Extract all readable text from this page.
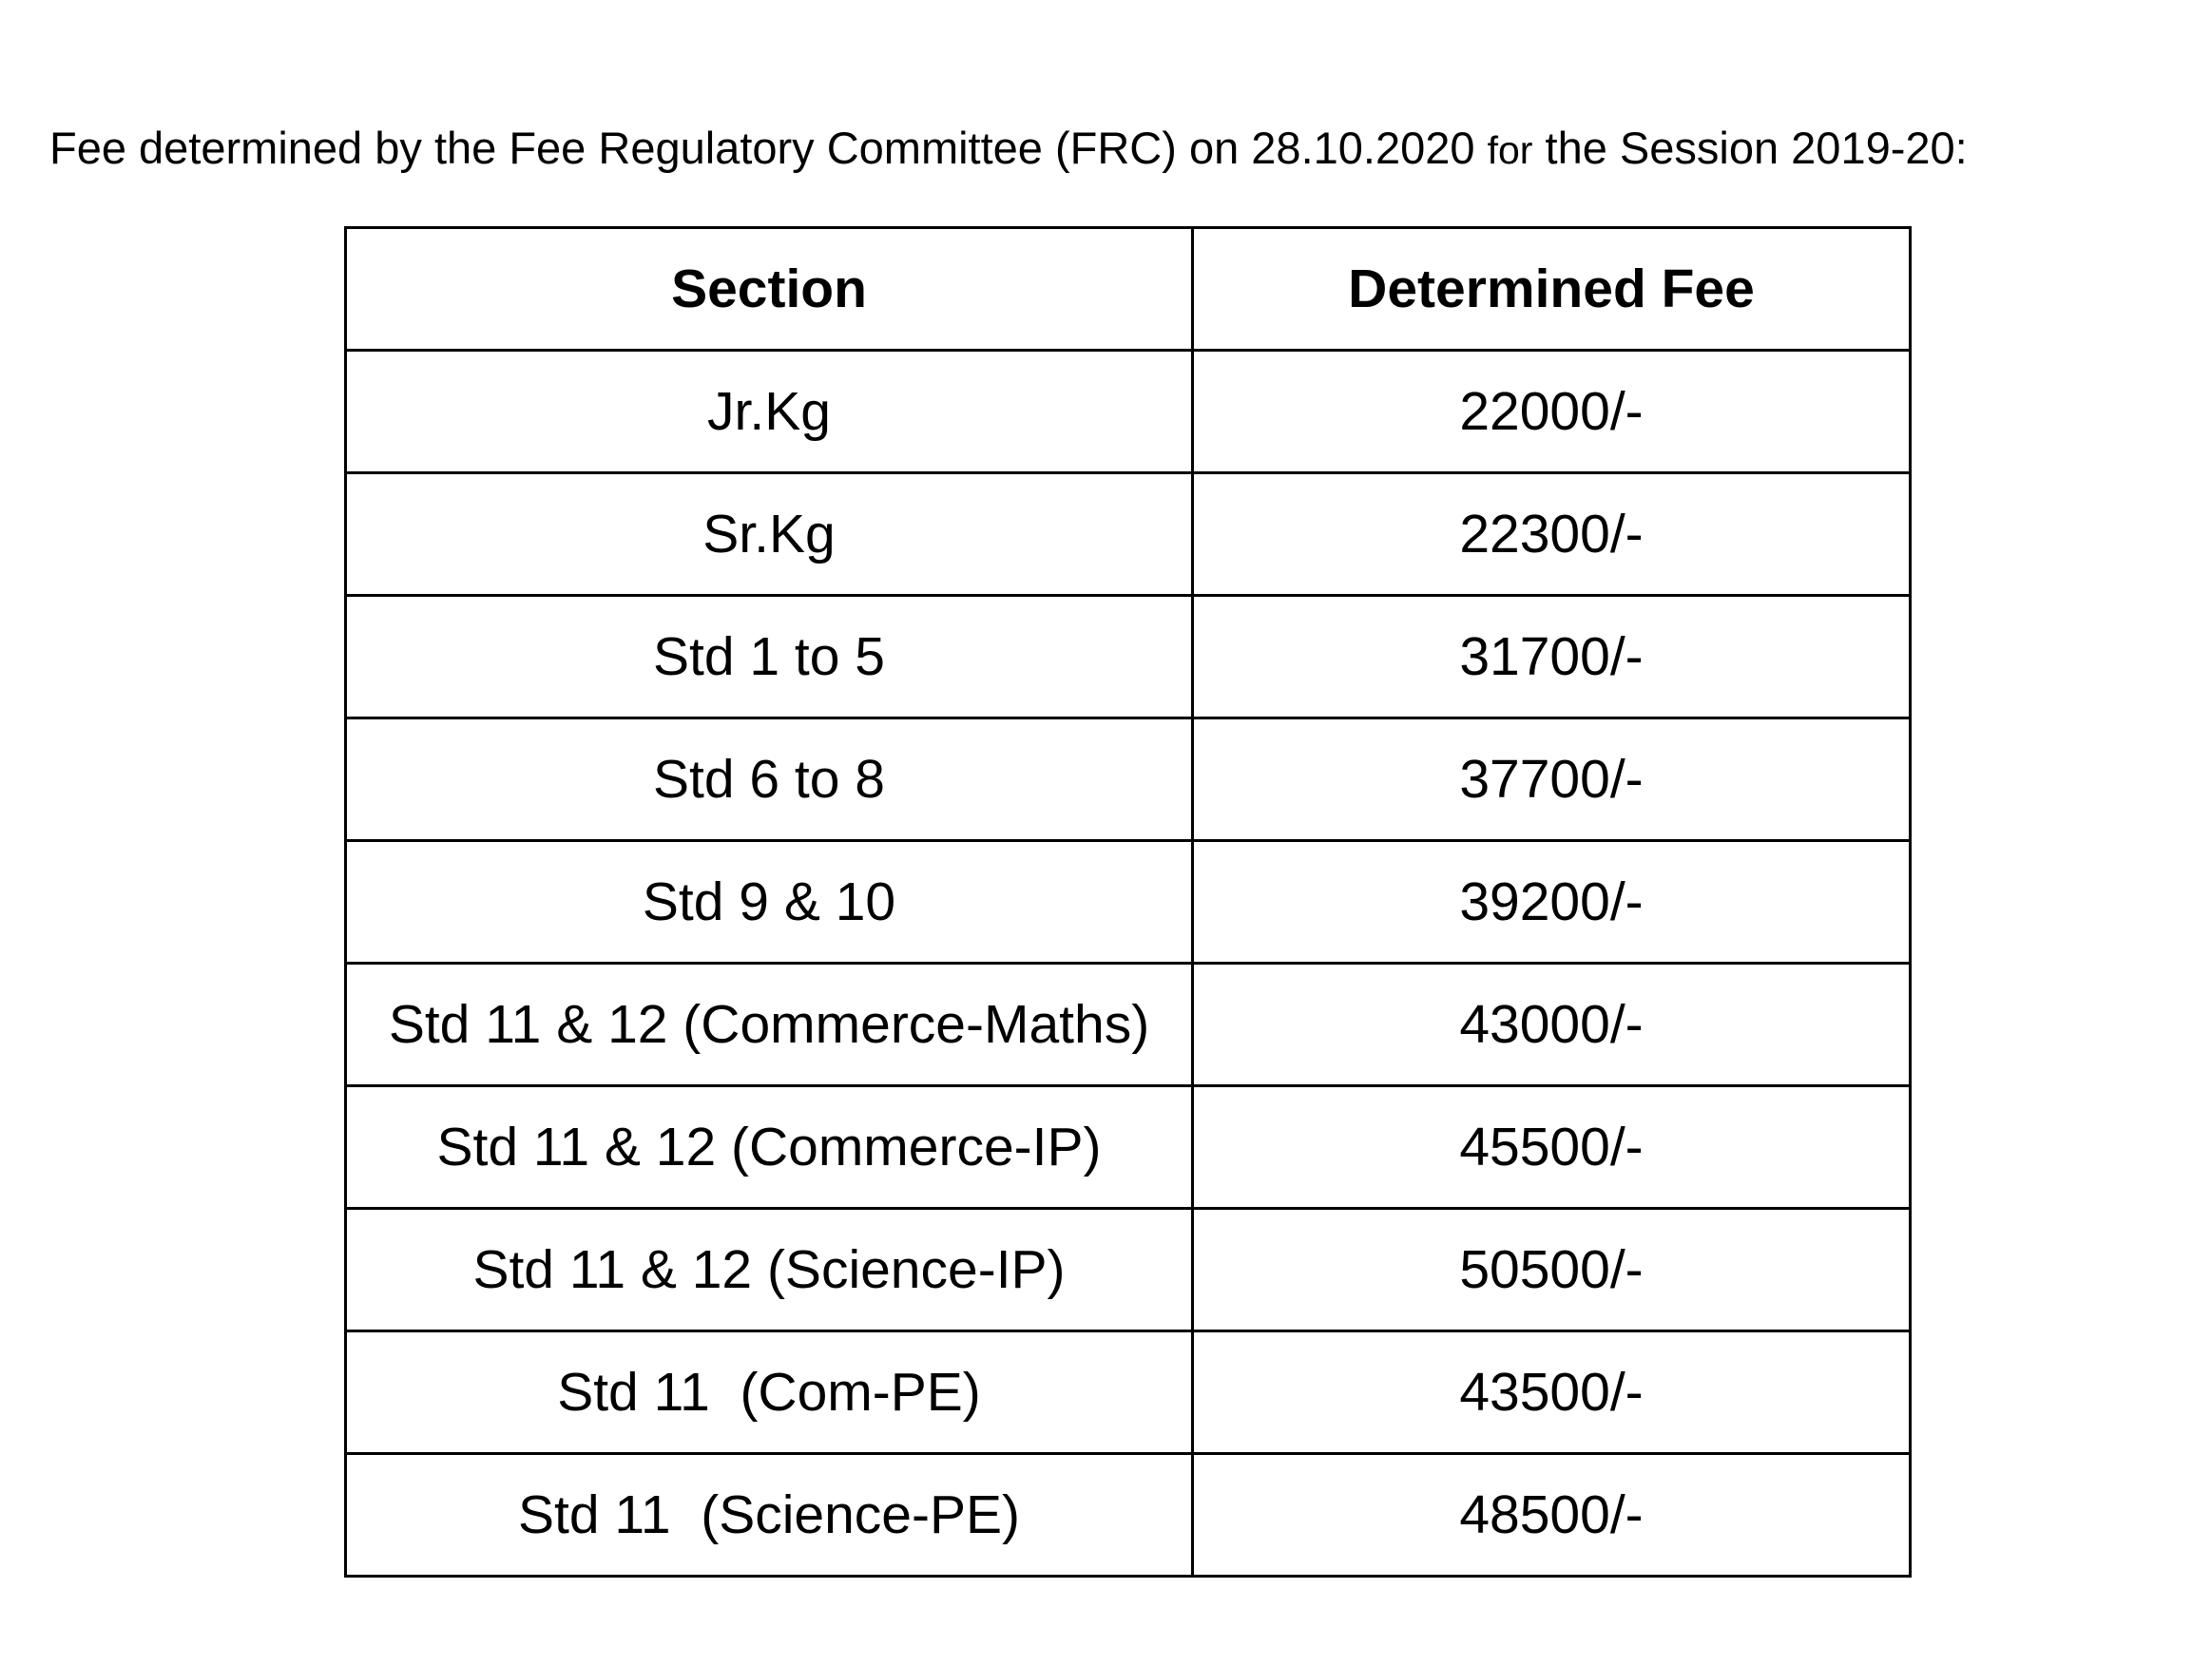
Fee determined by the Fee Regulatory Committee (FRC) on 28.10.2020 for the Session 2019-20:

Section	Determined Fee
Jr.Kg	22000/-
Sr.Kg	22300/-
Std 1 to 5	31700/-
Std 6 to 8	37700/-
Std 9 & 10	39200/-
Std 11 & 12 (Commerce-Maths)	43000/-
Std 11 & 12 (Commerce-IP)	45500/-
Std 11 & 12 (Science-IP)	50500/-
Std 11  (Com-PE)	43500/-
Std 11  (Science-PE)	48500/-
